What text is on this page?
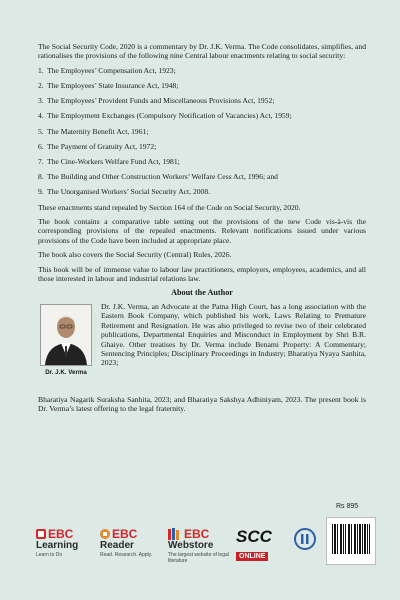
The Social Security Code, 2020 is a commentary by Dr. J.K. Verma. The Code consolidates, simplifies, and rationalises the provisions of the following nine Central labour enactments relating to social security:

1. The Employees’ Compensation Act, 1923;
2. The Employees’ State Insurance Act, 1948;
3. The Employees’ Provident Funds and Miscellaneous Provisions Act, 1952;
4. The Employment Exchanges (Compulsory Notification of Vacancies) Act, 1959;
5. The Maternity Benefit Act, 1961;
6. The Payment of Gratuity Act, 1972;
7. The Cine-Workers Welfare Fund Act, 1981;
8. The Building and Other Construction Workers’ Welfare Cess Act, 1996; and
9. The Unorganised Workers’ Social Security Act, 2008.

These enactments stand repealed by Section 164 of the Code on Social Security, 2020.

The book contains a comparative table setting out the provisions of the new Code vis-à-vis the corresponding provisions of the repealed enactments. Relevant notifications issued under various provisions of the Code have been included at appropriate place.

The book also covers the Social Security (Central) Rules, 2026.

This book will be of immense value to labour law practitioners, employers, employees, academics, and all those interested in labour and industrial relations law.

About the Author
Dr. J.K. Verma

Dr. J.K. Verma, an Advocate at the Patna High Court, has a long association with the Eastern Book Company, which published his work, Laws Relating to Premature Retirement and Resignation. He was also privileged to revise two of their celebrated publications, Departmental Enquiries and Misconduct in Employment by Shri B.R. Ghaiye. Other treatises by Dr. Verma include Benami Property: A Commentary; Sentencing Principles; Disciplinary Proceedings in Industry; Bharatiya Nyaya Sanhita, 2023;

Bharatiya Nagarik Suraksha Sanhita, 2023; and Bharatiya Sakshya Adhiniyam, 2023. The present book is Dr. Verma’s latest offering to the legal fraternity.

Rs 895
EBC
Learning
Learn to Do
EBC
Reader
Read. Research. Apply.
EBC
Webstore
The largest website of legal literature
SCC
ONLINE
